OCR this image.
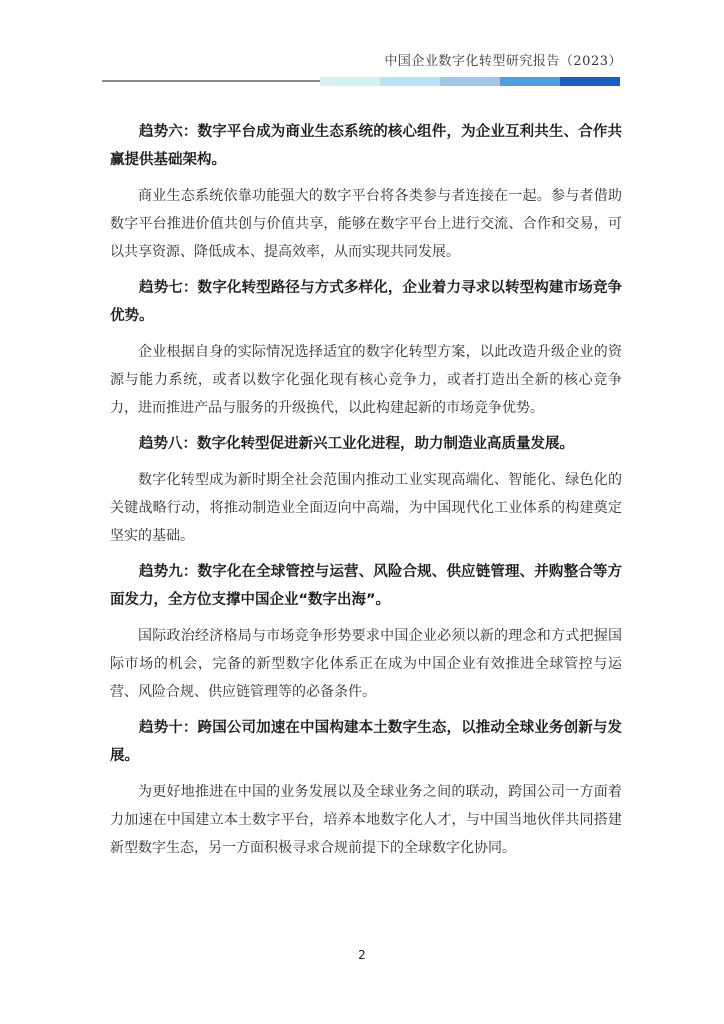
中国企业数字化转型研究报告（2023）

趋势六：数字平台成为商业生态系统的核心组件，为企业互利共生、合作共赢提供基础架构。

商业生态系统依靠功能强大的数字平台将各类参与者连接在一起。参与者借助数字平台推进价值共创与价值共享，能够在数字平台上进行交流、合作和交易，可以共享资源、降低成本、提高效率，从而实现共同发展。

趋势七：数字化转型路径与方式多样化，企业着力寻求以转型构建市场竞争优势。

企业根据自身的实际情况选择适宜的数字化转型方案，以此改造升级企业的资源与能力系统，或者以数字化强化现有核心竞争力，或者打造出全新的核心竞争力，进而推进产品与服务的升级换代，以此构建起新的市场竞争优势。

趋势八：数字化转型促进新兴工业化进程，助力制造业高质量发展。

数字化转型成为新时期全社会范围内推动工业实现高端化、智能化、绿色化的关键战略行动，将推动制造业全面迈向中高端，为中国现代化工业体系的构建奠定坚实的基础。

趋势九：数字化在全球管控与运营、风险合规、供应链管理、并购整合等方面发力，全方位支撑中国企业“数字出海”。

国际政治经济格局与市场竞争形势要求中国企业必须以新的理念和方式把握国际市场的机会，完备的新型数字化体系正在成为中国企业有效推进全球管控与运营、风险合规、供应链管理等的必备条件。

趋势十：跨国公司加速在中国构建本土数字生态，以推动全球业务创新与发展。

为更好地推进在中国的业务发展以及全球业务之间的联动，跨国公司一方面着力加速在中国建立本土数字平台，培养本地数字化人才，与中国当地伙伴共同搭建新型数字生态，另一方面积极寻求合规前提下的全球数字化协同。

2
